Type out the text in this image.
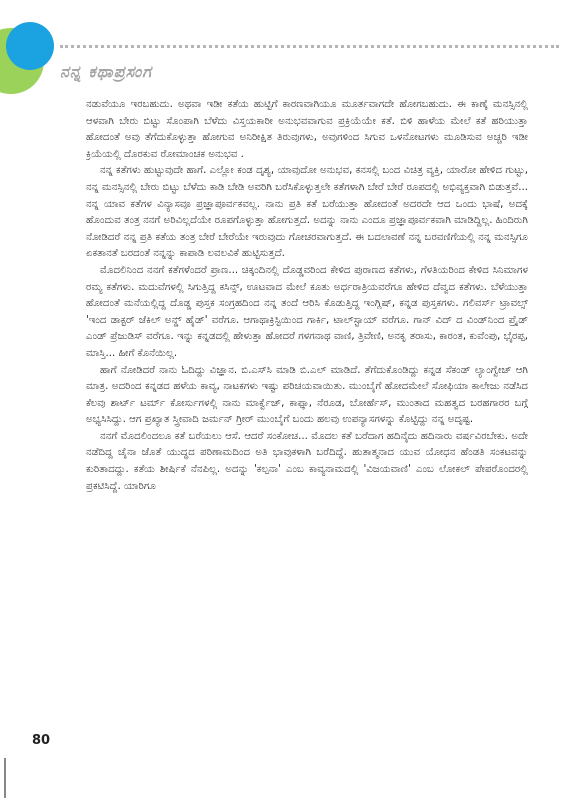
ನನ್ನ ಕಥಾಪ್ರಸಂಗ

ನಡುವೆಯೂ ಇರಬಹುದು. ಅಥವಾ ಇಡೀ ಕತೆಯ ಹುಟ್ಟಿಗೆ ಕಾರಣವಾಗಿಯೂ ಮೂರ್ತವಾಗದೇ ಹೋಗಬಹುದು. ಈ ಕಾಣ್ಕೆ ಮನಸ್ಸಿನಲ್ಲಿ ಆಳವಾಗಿ ಬೇರು ಬಿಟ್ಟು ಸೊಂಪಾಗಿ ಬೆಳೆದು ವಿಸ್ತಯಕಾರೀ ಅನುಭವವಾಗುವ ಪ್ರಕ್ರಿಯೆಯೇ ಕತೆ. ಬಿಳಿ ಹಾಳೆಯ ಮೇಲೆ ಕತೆ ಹರಿಯುತ್ತಾ ಹೋದಂತೆ ಅವು ತೆಗೆದುಕೊಳ್ಳುತ್ತಾ ಹೋಗುವ ಅನಿರೀಕ್ಷಿತ ತಿರುವುಗಳು, ಅವುಗಳಿಂದ ಸಿಗುವ ಒಳನೋಟಗಳು ಮೂಡಿಸುವ ಅಚ್ಚರಿ ಇಡೀ ಕ್ರಿಯೆಯಲ್ಲಿ ದೊರಕುವ ರೋಮಾಂಚಕ ಅನುಭವ .

ನನ್ನ ಕತೆಗಳು ಹುಟ್ಟುವುದೇ ಹಾಗೆ. ಎಲ್ಲೋ ಕಂಡ ದೃಶ್ಯ, ಯಾವುದೋ ಅನುಭವ, ಕನಸಲ್ಲಿ ಬಂದ ವಿಚಿತ್ರ ವ್ಯಕ್ತಿ, ಯಾರೋ ಹೇಳಿದ ಗುಟ್ಟು, ನನ್ನ ಮನಸ್ಸಿನಲ್ಲಿ ಬೇರು ಬಿಟ್ಟು ಬೆಳೆದು ಕಾಡಿ ಬೇಡಿ ಅವರಿಗಿ ಬರೆಸಿಕೊಳ್ಳುತ್ತಲೇ ಕತೆಗಳಾಗಿ ಬೇರೆ ಬೇರೆ ರೂಪದಲ್ಲಿ ಅಭಿವ್ಯಕ್ತವಾಗಿ ಬಿಡುತ್ತವೆ... ನನ್ನ ಯಾವ ಕತೆಗಳ ವಿನ್ಯಾಸವೂ ಪ್ರಜ್ಞಾಪೂರ್ವಕವಲ್ಲ. ನಾನು ಪ್ರತಿ ಕತೆ ಬರೆಯುತ್ತಾ ಹೋದಂತೆ ಅದರದೇ ಆದ ಒಂದು ಭಾಷೆ, ಅದಕ್ಕೆ ಹೊಂದುವ ತಂತ್ರ ನನಗೆ ಅರಿವಿಲ್ಲದೆಯೇ ರೂಪಗೊಳ್ಳುತ್ತಾ ಹೋಗುತ್ತದೆ. ಅದನ್ನು ನಾನು ಎಂದೂ ಪ್ರಜ್ಞಾಪೂರ್ವಕವಾಗಿ ಮಾಡಿದ್ದಿಲ್ಲ. ಹಿಂದಿರುಗಿ ನೋಡಿದರೆ ನನ್ನ ಪ್ರತಿ ಕತೆಯ ತಂತ್ರ ಬೇರೆ ಬೇರೆಯೇ ಇರುವುದು ಗೋಚರವಾಗುತ್ತದೆ. ಈ ಬದಲಾವಣೆ ನನ್ನ ಬರವಣಿಗೆಯಲ್ಲಿ ನನ್ನ ಮನಸ್ಸಿಗೂ ಏಕತಾನತೆ ಬರದಂತೆ ನನ್ನನ್ನು ಕಾಪಾಡಿ ಲವಲವಿಕೆ ಹುಟ್ಟಿಸುತ್ತದೆ.

ಮೊದಲಿನಿಂದ ನನಗೆ ಕತೆಗಳೆಂದರೆ ಪ್ರಾಣ... ಚಿಕ್ಕಂದಿನಲ್ಲಿ ದೊಡ್ಡವರಿಂದ ಕೇಳಿದ ಪುರಾಣದ ಕತೆಗಳು, ಗೆಳತಿಯರಿಂದ ಕೇಳಿದ ಸಿನಿಮಾಗಳ ರಮ್ಯ ಕತೆಗಳು. ಮದುವೆಗಳಲ್ಲಿ ಸಿಗುತ್ತಿದ್ದ ಕಸಿನ್ಸ್, ಊಟವಾದ ಮೇಲೆ ಕೂತು ಅರ್ಧರಾತ್ರಿಯವರೆಗೂ ಹೇಳಿದ ದೆವ್ವದ ಕತೆಗಳು. ಬೆಳೆಯುತ್ತಾ ಹೋದಂತೆ ಮನೆಯಲ್ಲಿದ್ದ ದೊಡ್ಡ ಪುಸ್ತಕ ಸಂಗ್ರಹದಿಂದ ನನ್ನ ತಂದೆ ಆರಿಸಿ ಕೊಡುತ್ತಿದ್ದ ಇಂಗ್ಲಿಷ್, ಕನ್ನಡ ಪುಸ್ತಕಗಳು. ಗಲಿವರ್ಸ್ ಟ್ರಾವಲ್ಸ್ 'ಇಂದ ಡಾಕ್ಟರ್ ಜೆಕಿಲ್ ಅನ್ಡ್ ಹೈಡ್' ವರೆಗೂ. ಆಗಾಥಾಕ್ರಿಸ್ಟಿಯಿಂದ ಗಾರ್ಕಿ, ಟಾಲ್‌ಸ್ಟಾಯ್ ವರೆಗೂ. ಗಾನ್ ವಿದ್ ದ ವಿಂಡ್‌ನಿಂದ ಪ್ರೈಡ್ ಎಂಡ್ ಪ್ರೆಜುಡಿಸ್ ವರೆಗೂ. ಇನ್ನು ಕನ್ನಡದಲ್ಲಿ ಹೇಳುತ್ತಾ ಹೋದರೆ ಗಳಗನಾಥ ವಾಣಿ, ತ್ರಿವೇಣಿ, ಅನಕೃ ತರಾಸು, ಕಾರಂತ, ಕುವೆಂಪು, ಭೈರಪ್ಪ, ಮಾಸ್ತಿ... ಹೀಗೆ ಕೊನೆಯಿಲ್ಲ.

ಹಾಗೆ ನೋಡಿದರೆ ನಾನು ಓದಿದ್ದು ವಿಜ್ಞಾನ. ಬಿ.ಎಸ್‌ಸಿ ಮಾಡಿ ಬಿ.ಎಲ್ ಮಾಡಿದೆ. ತೆಗೆದುಕೊಂಡಿದ್ದು ಕನ್ನಡ ಸೆಕಂಡ್ ಲ್ಯಾಂಗ್ವೇಜ್ ಆಗಿ ಮಾತ್ರ. ಅದರಿಂದ ಕನ್ನಡದ ಹಳೆಯ ಕಾವ್ಯ, ನಾಟಕಗಳು ಇಷ್ಟು ಪರಿಚಯವಾಯಿತು. ಮುಂಬೈಗೆ ಹೋದಮೇಲೆ ಸೋಫಿಯಾ ಕಾಲೇಜು ನಡೆಸಿದ ಕೆಲವು ಶಾರ್ಟ್ ಟರ್ಮ್ ಕೋರ್ಸುಗಳಲ್ಲಿ ನಾನು ಮಾರ್ಕ್ವೆಜ್, ಕಾಫ್ಕಾ, ನೆರೂಡ, ಬೋರ್ಹೆಸ್, ಮುಂತಾದ ಮಹತ್ವದ ಬರಹಗಾರರ ಬಗ್ಗೆ ಅಭ್ಯಸಿಸಿದ್ದು. ಆಗ ಪ್ರಖ್ಯಾತ ಸ್ತ್ರೀವಾದಿ ಜರ್ಮನ್ ಗ್ರೀರ್ ಮುಂಬೈಗೆ ಬಂದು ಹಲವು ಉಪನ್ಯಾಸಗಳನ್ನು ಕೊಟ್ಟಿದ್ದು ನನ್ನ ಅದೃಷ್ಟ.

ನನಗೆ ಮೊದಲಿಂದಲೂ ಕತೆ ಬರೆಯಲು ಆಸೆ. ಆದರೆ ಸಂಕೋಚ... ಮೊದಲ ಕತೆ ಬರೆದಾಗ ಹದಿನೈದು ಹದಿನಾರು ವರ್ಷವಿರಬೇಕು. ಅದೇ ನಡೆದಿದ್ದ ಚೈನಾ ಜೊತೆ ಯುದ್ಧದ ಪರಿಣಾಮದಿಂದ ಅತಿ ಭಾವುಕಳಾಗಿ ಬರೆದಿದ್ದೆ. ಹುತಾತ್ಮನಾದ ಯುವ ಯೋಧನ ಹೆಂಡತಿ ಸಂಕಟವನ್ನು ಕುರಿತಾದದ್ದು. ಕತೆಯ ಶೀರ್ಷಿಕೆ ನೆನಪಿಲ್ಲ. ಅದನ್ನು 'ಕಲ್ಪನಾ' ಎಂಬ ಕಾವ್ಯನಾಮದಲ್ಲಿ 'ವಿಜಯವಾಣಿ' ಎಂಬ ಲೋಕಲ್ ಪೇಪರೊಂದರಲ್ಲಿ ಪ್ರಕಟಿಸಿದ್ದೆ. ಯಾರಿಗೂ

80
